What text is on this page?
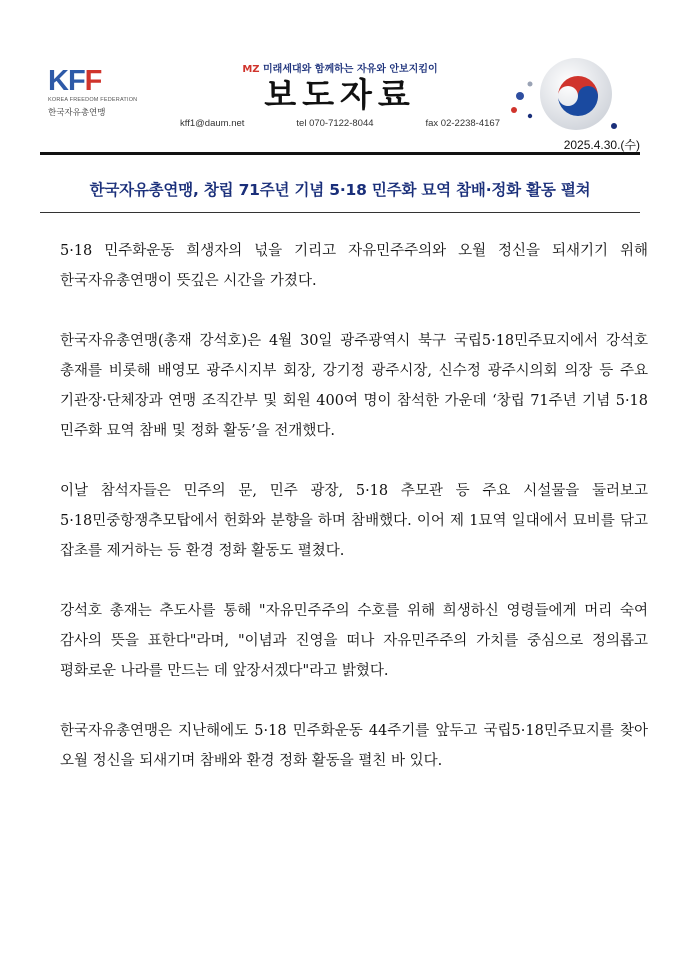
KFF
KOREA FREEDOM FEDERATION
한국자유총연맹
MZ 미래세대와 함께하는 자유와 안보지킴이
보도자료
kff1@daum.net	tel 070-7122-8044	fax 02-2238-4167
2025.4.30.(수)
한국자유총연맹, 창립 71주년 기념 5·18 민주화 묘역 참배·정화 활동 펼쳐

5·18 민주화운동 희생자의 넋을 기리고 자유민주주의와 오월 정신을 되새기기 위해 한국자유총연맹이 뜻깊은 시간을 가졌다.

한국자유총연맹(총재 강석호)은 4월 30일 광주광역시 북구 국립5·18민주묘지에서 강석호 총재를 비롯해 배영모 광주시지부 회장, 강기정 광주시장, 신수정 광주시의회 의장 등 주요 기관장·단체장과 연맹 조직간부 및 회원 400여 명이 참석한 가운데 ‘창립 71주년 기념 5·18 민주화 묘역 참배 및 정화 활동’을 전개했다.

이날 참석자들은 민주의 문, 민주 광장, 5·18 추모관 등 주요 시설물을 둘러보고 5·18민중항쟁추모탑에서 헌화와 분향을 하며 참배했다. 이어 제 1묘역 일대에서 묘비를 닦고 잡초를 제거하는 등 환경 정화 활동도 펼쳤다.

강석호 총재는 추도사를 통해 "자유민주주의 수호를 위해 희생하신 영령들에게 머리 숙여 감사의 뜻을 표한다"라며, "이념과 진영을 떠나 자유민주주의 가치를 중심으로 정의롭고 평화로운 나라를 만드는 데 앞장서겠다"라고 밝혔다.

한국자유총연맹은 지난해에도 5·18 민주화운동 44주기를 앞두고 국립5·18민주묘지를 찾아 오월 정신을 되새기며 참배와 환경 정화 활동을 펼친 바 있다.
